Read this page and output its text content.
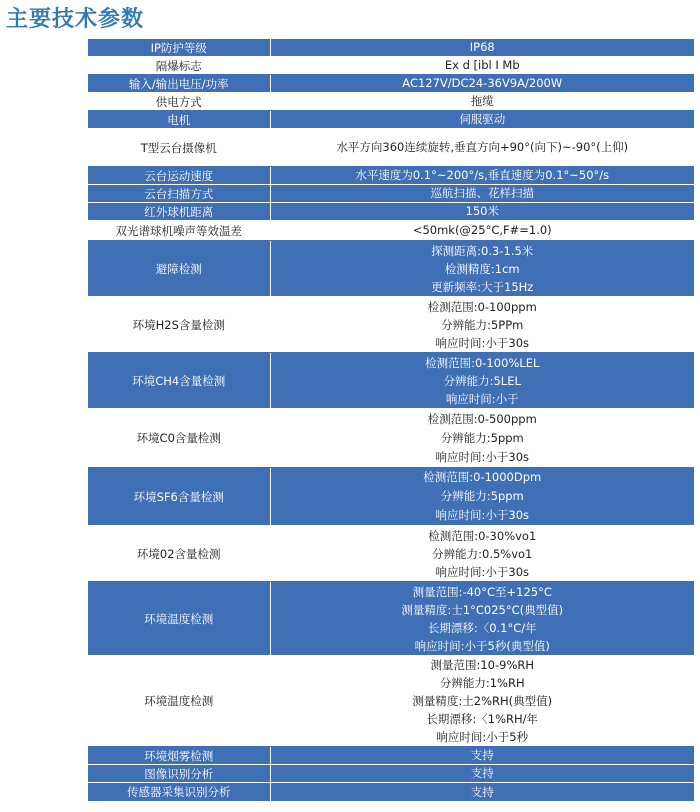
主要技术参数
IP防护等级	IP68

隔爆标志	Ex d [ibl I Mb

输入/输出电压/功率	AC127V/DC24-36V9A/200W

供电方式	拖缆

电机	伺服驱动

T型云台摄像机	水平方向360连续旋转,垂直方向+90°(向下)~-90°(上仰)

云台运动速度	水平速度为0.1°~200°/s,垂直速度为0.1°~50°/s

云台扫描方式	巡航扫描、花样扫描

红外球机距离	150米

双光谱球机噪声等效温差	<50mk(@25°C,F#=1.0)

避障检测	探测距离:0.3-1.5米
检测精度:1cm
更新频率:大于15Hz

环境H2S含量检测	检测范围:0-100ppm
分辨能力:5PPm
响应时间:小于30s

环境CH4含量检测	检测范围:0-100%LEL
分辨能力:5LEL
响应时间:小于

环境C0含量检测	检测范围:0-500ppm
分辨能力:5ppm
响应时间:小于30s

环境SF6含量检测	检测范围:0-1000Dpm
分辨能力:5ppm
响应时间:小于30s

环境02含量检测	检测范围:0-30%vo1
分辨能力:0.5%vo1
响应时间:小于30s

环境温度检测	测量范围:-40°C至+125°C
测量精度:士1°C025°C(典型值)
长期漂移:〈0.1°C/年
响应时间:小于5秒(典型值)

环境温度检测	测量范围:10-9%RH
分辨能力:1%RH
测量精度:土2%RH(典型值)
长期漂移:〈1%RH/年
响应时间:小于5秒

环境烟雾检测	支持

图像识别分析	支持

传感器采集识别分析	支持
